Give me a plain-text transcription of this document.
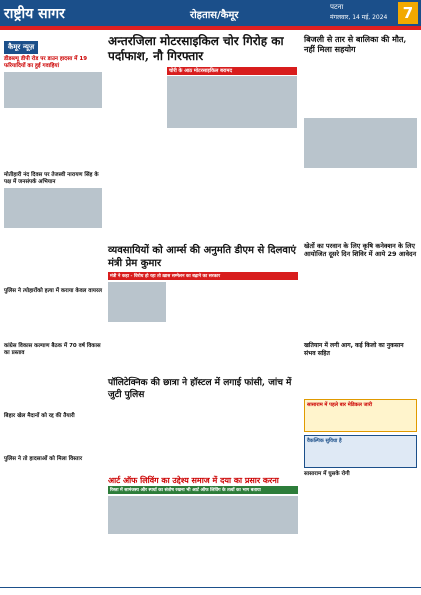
राष्ट्रीय सागर	रोहतास/कैमूर
पटना
मंगलवार, 14 मई, 2024	7
कैमूर न्यूज़
डीडब्ल्यू डीपी रोड पर डाउन हादसा में 19 फरियादियों का हुई गवाहियां
मोतीहारी नंद दिवस पर तेजस्वी नारायण सिंह के पक्ष में जनसंपर्क अभियान
पुलिस ने त्योहारोंको हत्या में कराया केवल वायरल
कांग्रेस विकास कल्याण बैठक में 70 वर्ष विकास का प्रस्ताव
बिहार खेल मैदानों को रद्द की तैयारी
पुलिस ने तो हादसाओं को मिला विस्तार
अन्तरजिला मोटरसाइकिल चोर गिरोह का पर्दाफाश, नौ गिरफ्तार
चोरी के आठ मोटरसाइकिल बरामद
व्यवसायियों को आर्म्स की अनुमति डीएम से दिलवाएं मंत्री प्रेम कुमार
मंत्री ने कहा - विरोध हो रहा तो ख़ास सम्मेलन का बढ़ाने का सरकार
पॉलिटेक्निक की छात्रा ने हॉस्टल में लगाई फांसी, जांच में जुटी पुलिस
आर्ट ऑफ लिविंग का उद्देश्य समाज में दया का प्रसार करना
रिस्ता में सामंजस्य और स्पर्धा का संतोष रखना भी आर्ट ऑफ लिविंग के तत्वों का भाग बताया
बिजली से तार से बालिका की मौत, नहीं मिला सहयोग
खेतों का परवान के लिए कृषि कनेक्शन के लिए आयोजित दूसरे दिन शिविर में आये 29 आवेदन
खतियान में लगी आग, कई किलो का नुकसान संभव सहित
सासाराम में पहले बार मेडिकल जारी
वैकल्पिक सुविधा है
सासाराम में घुसके रोगी
